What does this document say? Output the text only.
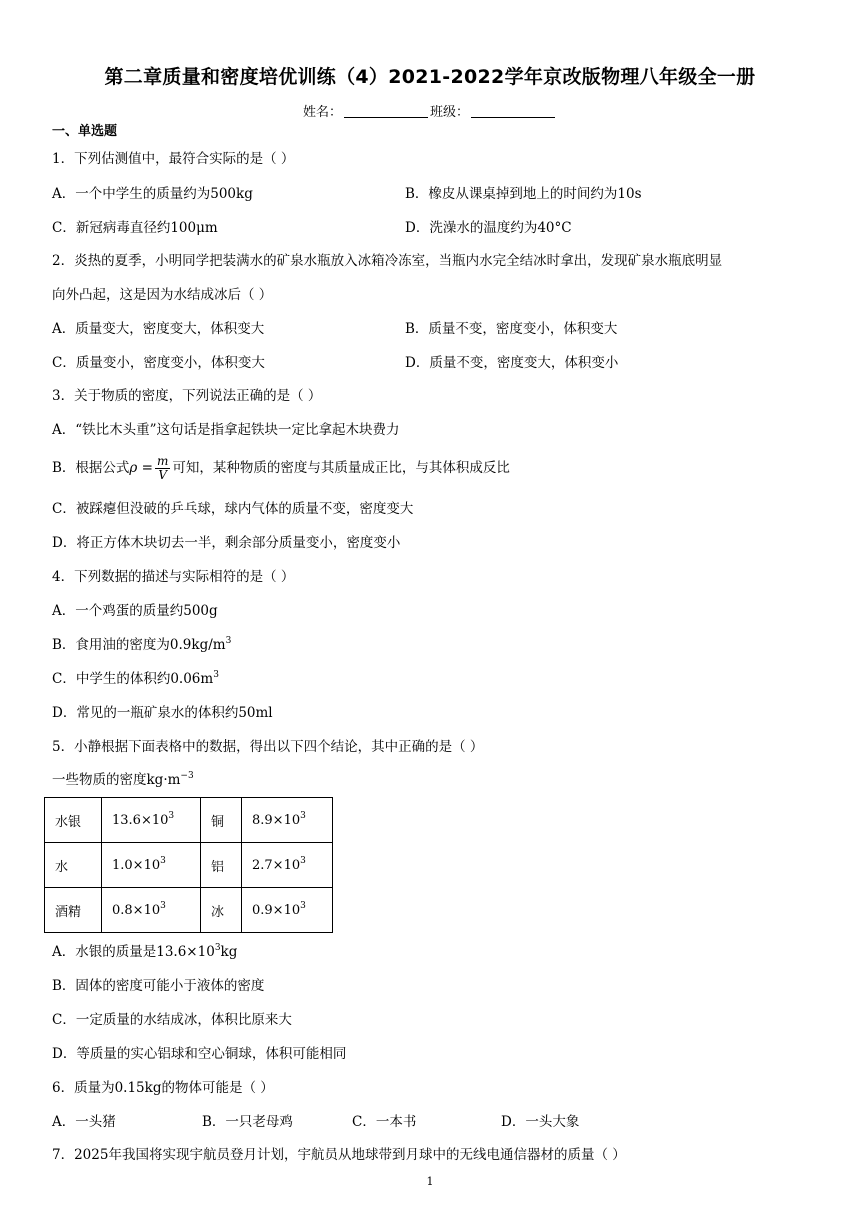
第二章质量和密度培优训练（4）2021-2022学年京改版物理八年级全一册
姓名：	班级：
一、单选题
1．下列估测值中，最符合实际的是（ ）
A．一个中学生的质量约为500kg	B．橡皮从课桌掉到地上的时间约为10s
C．新冠病毒直径约100μm	D．洗澡水的温度约为40°C
2．炎热的夏季，小明同学把装满水的矿泉水瓶放入冰箱冷冻室，当瓶内水完全结冰时拿出，发现矿泉水瓶底明显
向外凸起，这是因为水结成冰后（ ）
A．质量变大，密度变大，体积变大	B．质量不变，密度变小，体积变大
C．质量变小，密度变小，体积变大	D．质量不变，密度变大，体积变小
3．关于物质的密度，下列说法正确的是（ ）
A．“铁比木头重”这句话是指拿起铁块一定比拿起木块费力
B．根据公式$\rho = \frac{m}{V}$ 可知，某种物质的密度与其质量成正比，与其体积成反比
C．被踩瘪但没破的乒乓球，球内气体的质量不变，密度变大
D．将正方体木块切去一半，剩余部分质量变小，密度变小
4．下列数据的描述与实际相符的是（ ）
A．一个鸡蛋的质量约500g
B．食用油的密度为$0.9kg/m^3$
C．中学生的体积约$0.06m^3$
D．常见的一瓶矿泉水的体积约50ml
5．小静根据下面表格中的数据，得出以下四个结论，其中正确的是（ ）
一些物质的密度$kg\cdot m^{-3}$
水银	$13.6\times 10^3$	铜	$8.9\times 10^3$
水	$1.0\times 10^3$	铝	$2.7\times 10^3$
酒精	$0.8\times 10^3$	冰	$0.9\times 10^3$
A．水银的质量是$13.6\times 10^3kg$
B．固体的密度可能小于液体的密度
C．一定质量的水结成冰，体积比原来大
D．等质量的实心铝球和空心铜球，体积可能相同
6．质量为0.15kg的物体可能是（ ）
A．一头猪	B．一只老母鸡	C．一本书	D．一头大象
7．2025年我国将实现宇航员登月计划，宇航员从地球带到月球中的无线电通信器材的质量（ ）
1
